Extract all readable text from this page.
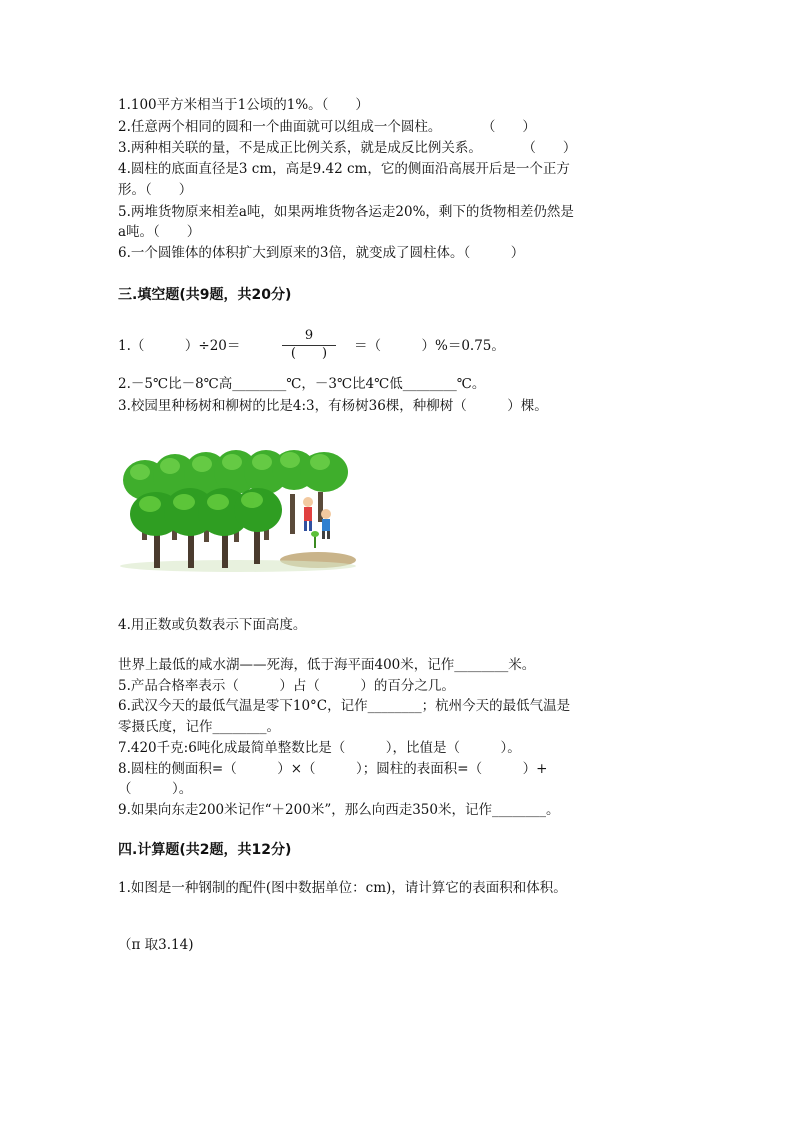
1.100平方米相当于1公顷的1%。（　　）
2.任意两个相同的圆和一个曲面就可以组成一个圆柱。　　　　（　　）
3.两种相关联的量，不是成正比例关系，就是成反比例关系。　　　　（　　）
4.圆柱的底面直径是3 cm，高是9.42 cm，它的侧面沿高展开后是一个正方
形。（　　）
5.两堆货物原来相差a吨，如果两堆货物各运走20%，剩下的货物相差仍然是
a吨。（　　）
6.一个圆锥体的体积扩大到原来的3倍，就变成了圆柱体。（　　　）
三.填空题(共9题，共20分)
1.（　　　）÷20＝
9
(　　)	＝（　　　）%＝0.75。
2.－5℃比－8℃高________℃，－3℃比4℃低________℃。
3.校园里种杨树和柳树的比是4:3，有杨树36棵，种柳树（　　　）棵。
4.用正数或负数表示下面高度。
世界上最低的咸水湖——死海，低于海平面400米，记作________米。
5.产品合格率表示（　　　）占（　　　）的百分之几。
6.武汉今天的最低气温是零下10°C，记作________；杭州今天的最低气温是
零摄氏度，记作________。
7.420千克:6吨化成最简单整数比是（　　　），比值是（　　　）。
8.圆柱的侧面积=（　　　）×（　　　）；圆柱的表面积=（　　　）+
（　　　）。
9.如果向东走200米记作“＋200米”，那么向西走350米，记作________。
四.计算题(共2题，共12分)
1.如图是一种钢制的配件(图中数据单位：cm)，请计算它的表面积和体积。
（π 取3.14)
